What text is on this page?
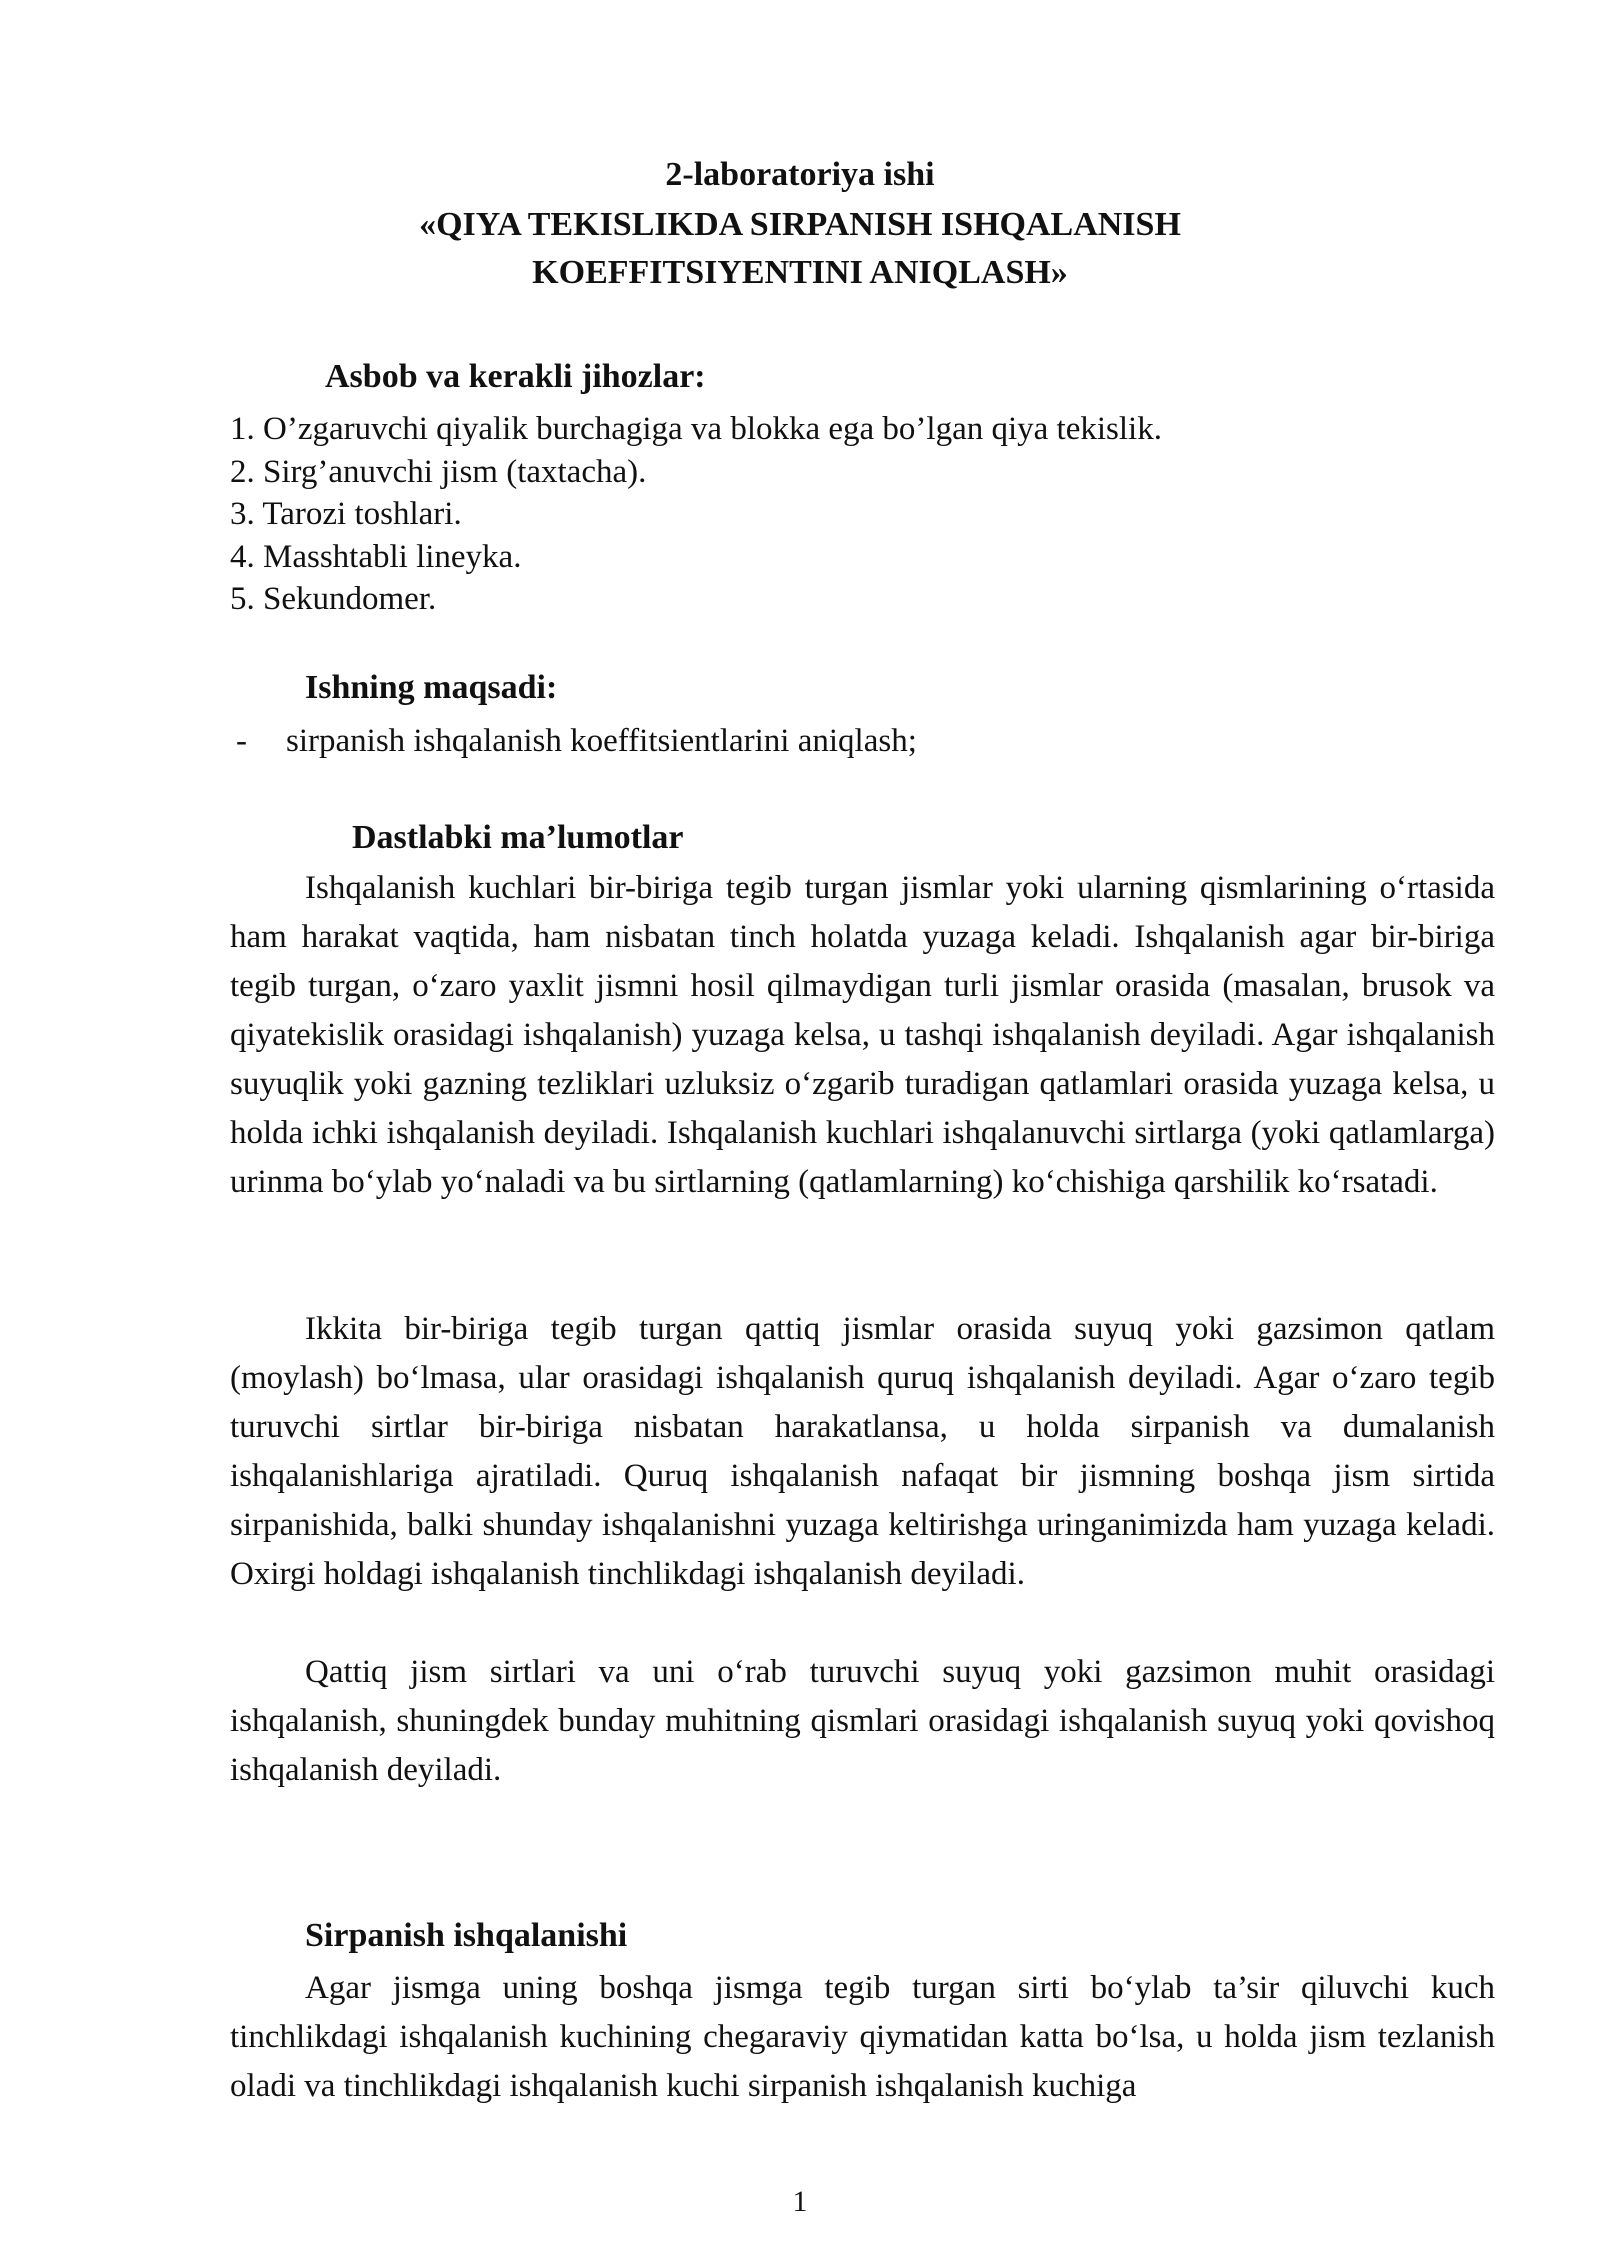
2-laboratoriya ishi

«QIYA TEKISLIKDA SIRPANISH ISHQALANISH

KOEFFITSIYENTINI ANIQLASH»

Asbob va kerakli jihozlar:

1. O’zgaruvchi qiyalik burchagiga va blokka ega bo’lgan qiya tekislik.
2. Sirg’anuvchi jism (taxtacha).
3. Tarozi toshlari.
4. Masshtabli lineyka.
5. Sekundomer.

Ishning maqsadi:

- sirpanish ishqalanish koeffitsientlarini aniqlash;

Dastlabki ma’lumotlar

Ishqalanish kuchlari bir-biriga tegib turgan jismlar yoki ularning qismlarining o‘rtasida ham harakat vaqtida, ham nisbatan tinch holatda yuzaga keladi. Ishqalanish agar bir-biriga tegib turgan, o‘zaro yaxlit jismni hosil qilmaydigan turli jismlar orasida (masalan, brusok va qiyatekislik orasidagi ishqalanish) yuzaga kelsa, u tashqi ishqalanish deyiladi. Agar ishqalanish suyuqlik yoki gazning tezliklari uzluksiz o‘zgarib turadigan qatlamlari orasida yuzaga kelsa, u holda ichki ishqalanish deyiladi. Ishqalanish kuchlari ishqalanuvchi sirtlarga (yoki qatlamlarga) urinma bo‘ylab yo‘naladi va bu sirtlarning (qatlamlarning) ko‘chishiga qarshilik ko‘rsatadi.

Ikkita bir-biriga tegib turgan qattiq jismlar orasida suyuq yoki gazsimon qatlam (moylash) bo‘lmasa, ular orasidagi ishqalanish quruq ishqalanish deyiladi. Agar o‘zaro tegib turuvchi sirtlar bir-biriga nisbatan harakatlansa, u holda sirpanish va dumalanish ishqalanishlariga ajratiladi. Quruq ishqalanish nafaqat bir jismning boshqa jism sirtida sirpanishida, balki shunday ishqalanishni yuzaga keltirishga uringanimizda ham yuzaga keladi. Oxirgi holdagi ishqalanish tinchlikdagi ishqalanish deyiladi.

Qattiq jism sirtlari va uni o‘rab turuvchi suyuq yoki gazsimon muhit orasidagi ishqalanish, shuningdek bunday muhitning qismlari orasidagi ishqalanish suyuq yoki qovishoq ishqalanish deyiladi.

Sirpanish ishqalanishi

Agar jismga uning boshqa jismga tegib turgan sirti bo‘ylab ta’sir qiluvchi kuch tinchlikdagi ishqalanish kuchining chegaraviy qiymatidan katta bo‘lsa, u holda jism tezlanish oladi va tinchlikdagi ishqalanish kuchi sirpanish ishqalanish kuchiga

1
